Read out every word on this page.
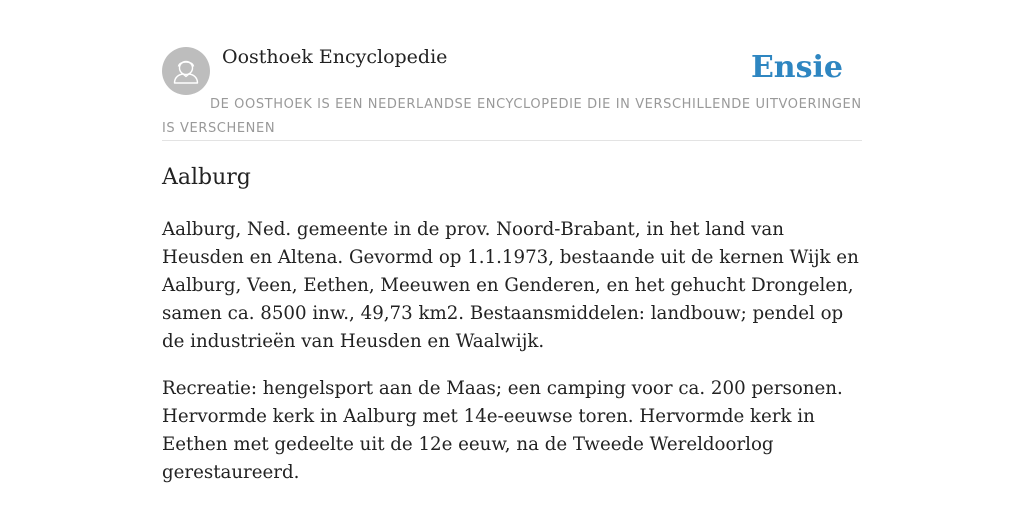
Oosthoek Encyclopedie	Ensie
DE OOSTHOEK IS EEN NEDERLANDSE ENCYCLOPEDIE DIE IN VERSCHILLENDE UITVOERINGEN IS VERSCHENEN
Aalburg

Aalburg, Ned. gemeente in de prov. Noord-Brabant, in het land van Heusden en Altena. Gevormd op 1.1.1973, bestaande uit de kernen Wijk en Aalburg, Veen, Eethen, Meeuwen en Genderen, en het gehucht Drongelen, samen ca. 8500 inw., 49,73 km2. Bestaansmiddelen: landbouw; pendel op de industrieën van Heusden en Waalwijk.

Recreatie: hengelsport aan de Maas; een camping voor ca. 200 personen. Hervormde kerk in Aalburg met 14e-eeuwse toren. Hervormde kerk in Eethen met gedeelte uit de 12e eeuw, na de Tweede Wereldoorlog gerestaureerd.
